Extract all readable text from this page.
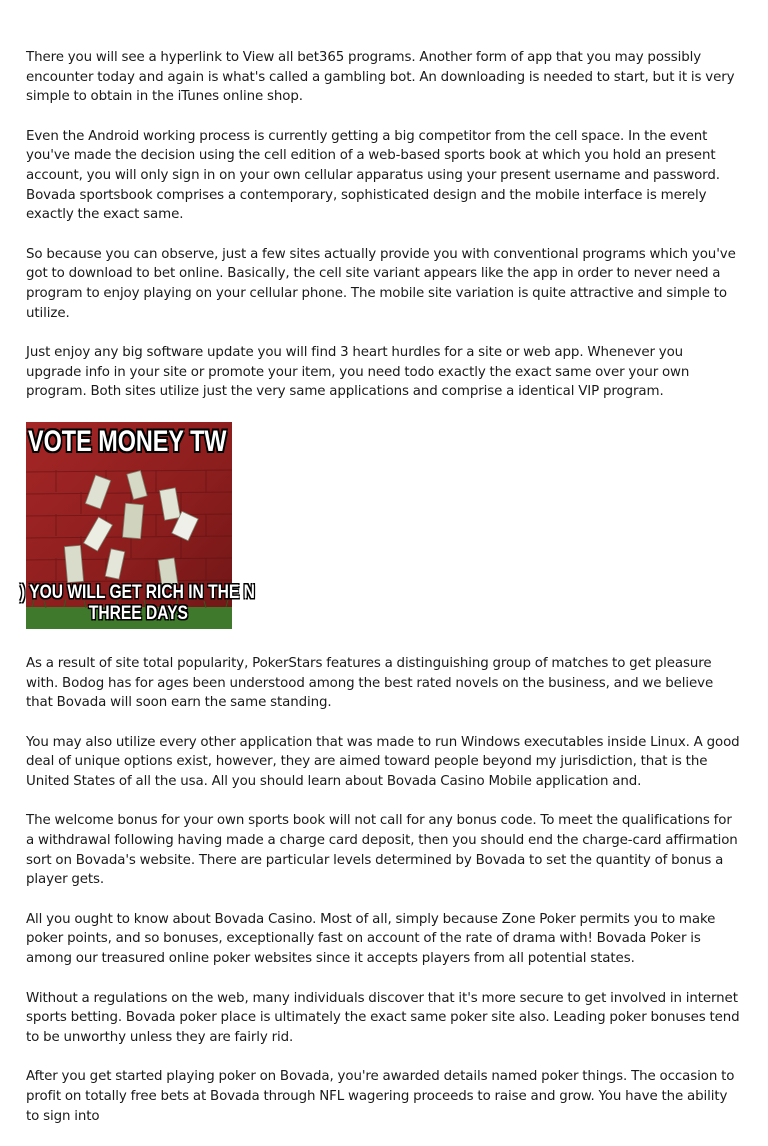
There you will see a hyperlink to View all bet365 programs. Another form of app that you may possibly encounter today and again is what's called a gambling bot. An downloading is needed to start, but it is very simple to obtain in the iTunes online shop.

Even the Android working process is currently getting a big competitor from the cell space. In the event you've made the decision using the cell edition of a web-based sports book at which you hold an present account, you will only sign in on your own cellular apparatus using your present username and password. Bovada sportsbook comprises a contemporary, sophisticated design and the mobile interface is merely exactly the exact same.

So because you can observe, just a few sites actually provide you with conventional programs which you've got to download to bet online. Basically, the cell site variant appears like the app in order to never need a program to enjoy playing on your cellular phone. The mobile site variation is quite attractive and simple to utilize.

Just enjoy any big software update you will find 3 heart hurdles for a site or web app. Whenever you upgrade info in your site or promote your item, you need todo exactly the exact same over your own program. Both sites utilize just the very same applications and comprise a identical VIP program.

VOTE MONEY TW
) YOU WILL GET RICH IN THE N
THREE DAYS

As a result of site total popularity, PokerStars features a distinguishing group of matches to get pleasure with. Bodog has for ages been understood among the best rated novels on the business, and we believe that Bovada will soon earn the same standing.

You may also utilize every other application that was made to run Windows executables inside Linux. A good deal of unique options exist, however, they are aimed toward people beyond my jurisdiction, that is the United States of all the usa. All you should learn about Bovada Casino Mobile application and.

The welcome bonus for your own sports book will not call for any bonus code. To meet the qualifications for a withdrawal following having made a charge card deposit, then you should end the charge-card affirmation sort on Bovada's website. There are particular levels determined by Bovada to set the quantity of bonus a player gets.

All you ought to know about Bovada Casino. Most of all, simply because Zone Poker permits you to make poker points, and so bonuses, exceptionally fast on account of the rate of drama with! Bovada Poker is among our treasured online poker websites since it accepts players from all potential states.

Without a regulations on the web, many individuals discover that it's more secure to get involved in internet sports betting. Bovada poker place is ultimately the exact same poker site also. Leading poker bonuses tend to be unworthy unless they are fairly rid.

After you get started playing poker on Bovada, you're awarded details named poker things. The occasion to profit on totally free bets at Bovada through NFL wagering proceeds to raise and grow. You have the ability to sign into
